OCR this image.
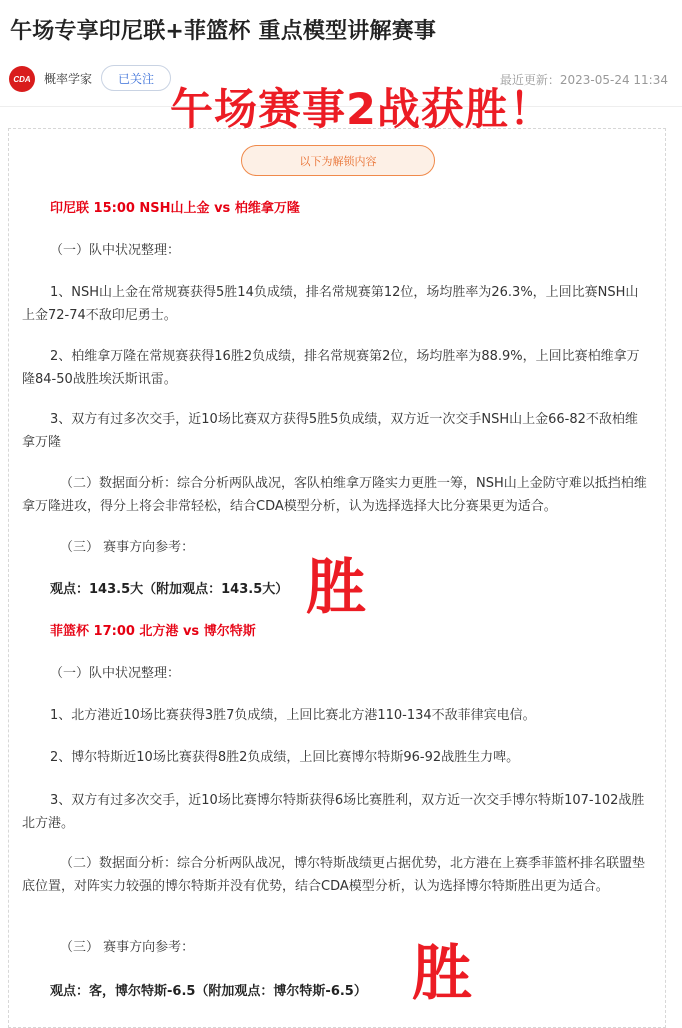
午场专享印尼联+菲篮杯 重点模型讲解赛事
CDA 概率学家	已关注	最近更新：2023-05-24 11:34
午场赛事2战获胜！
以下为解锁内容
印尼联 15:00 NSH山上金 vs 柏维拿万隆
（一）队中状况整理：
1、NSH山上金在常规赛获得5胜14负成绩，排名常规赛第12位，场均胜率为26.3%，上回比赛NSH山上金72-74不敌印尼勇士。
2、柏维拿万隆在常规赛获得16胜2负成绩，排名常规赛第2位，场均胜率为88.9%，上回比赛柏维拿万隆84-50战胜埃沃斯讯雷。
3、双方有过多次交手，近10场比赛双方获得5胜5负成绩，双方近一次交手NSH山上金66-82不敌柏维拿万隆
（二）数据面分析：综合分析两队战况，客队柏维拿万隆实力更胜一筹，NSH山上金防守难以抵挡柏维拿万隆进攻，得分上将会非常轻松，结合CDA模型分析，认为选择选择大比分赛果更为适合。
（三） 赛事方向参考：
观点：143.5大（附加观点：143.5大） 胜
菲篮杯 17:00 北方港 vs 博尔特斯
（一）队中状况整理：
1、北方港近10场比赛获得3胜7负成绩，上回比赛北方港110-134不敌菲律宾电信。
2、博尔特斯近10场比赛获得8胜2负成绩，上回比赛博尔特斯96-92战胜生力啤。
3、双方有过多次交手，近10场比赛博尔特斯获得6场比赛胜利，双方近一次交手博尔特斯107-102战胜北方港。
（二）数据面分析：综合分析两队战况，博尔特斯战绩更占据优势，北方港在上赛季菲篮杯排名联盟垫底位置，对阵实力较强的博尔特斯并没有优势，结合CDA模型分析，认为选择博尔特斯胜出更为适合。
（三） 赛事方向参考：
观点：客，博尔特斯-6.5（附加观点：博尔特斯-6.5） 胜
